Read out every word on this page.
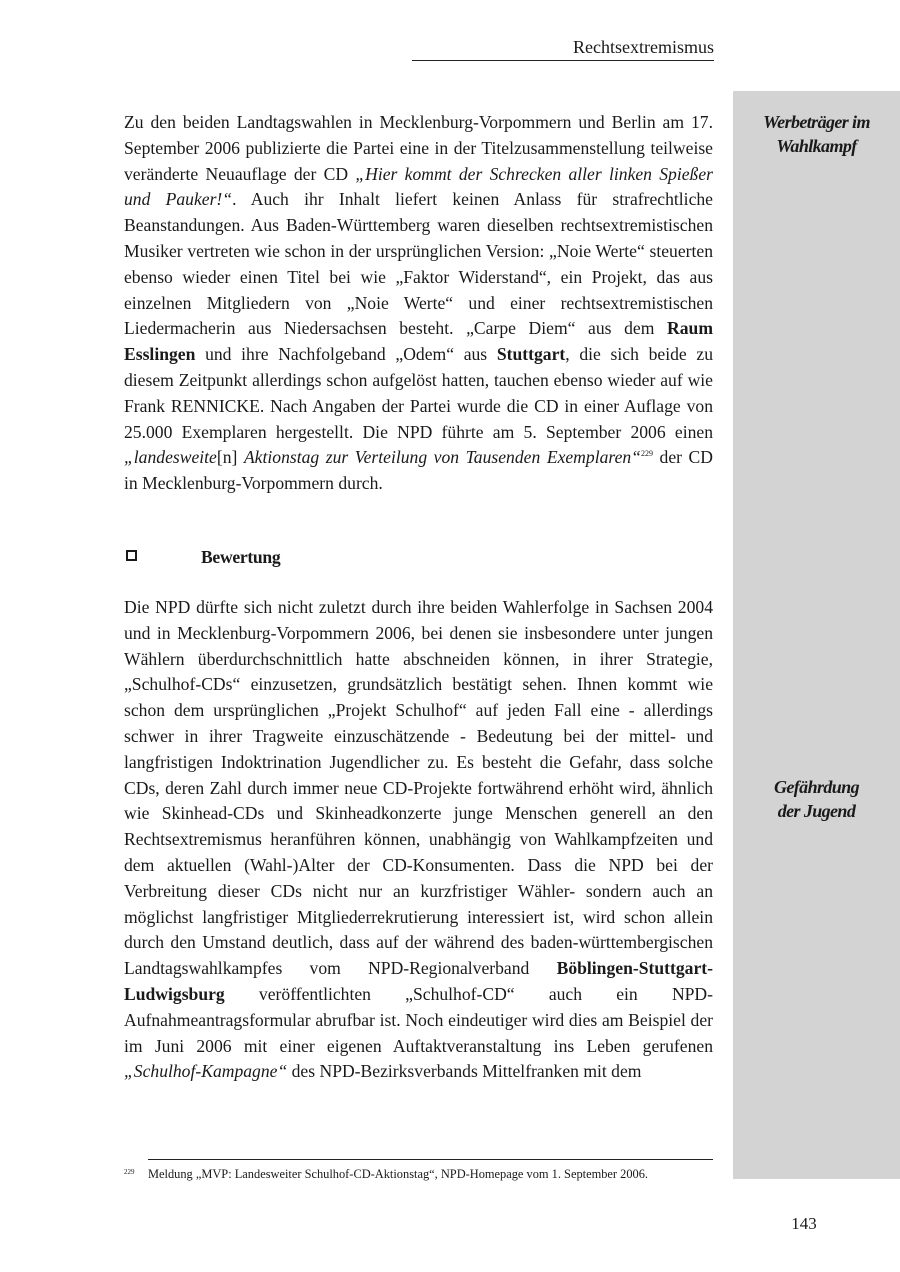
Rechtsextremismus
Werbeträger im
Wahlkampf
Gefährdung
der Jugend
Zu den beiden Landtagswahlen in Mecklenburg-Vorpommern und Berlin am 17. September 2006 publizierte die Partei eine in der Titelzusammenstellung teilweise veränderte Neuauflage der CD „Hier kommt der Schrecken aller linken Spießer und Pauker!“. Auch ihr Inhalt liefert keinen Anlass für strafrechtliche Beanstandungen. Aus Baden-Württemberg waren dieselben rechtsextremistischen Musiker vertreten wie schon in der ursprünglichen Version: „Noie Werte“ steuerten ebenso wieder einen Titel bei wie „Faktor Widerstand“, ein Projekt, das aus einzelnen Mitgliedern von „Noie Werte“ und einer rechtsextremistischen Liedermacherin aus Niedersachsen besteht. „Carpe Diem“ aus dem Raum Esslingen und ihre Nachfolgeband „Odem“ aus Stuttgart, die sich beide zu diesem Zeitpunkt allerdings schon aufgelöst hatten, tauchen ebenso wieder auf wie Frank RENNICKE. Nach Angaben der Partei wurde die CD in einer Auflage von 25.000 Exemplaren hergestellt. Die NPD führte am 5. September 2006 einen „landesweite[n] Aktionstag zur Verteilung von Tausenden Exemplaren“$^{229}$ der CD in Mecklenburg-Vorpommern durch.
Bewertung
Die NPD dürfte sich nicht zuletzt durch ihre beiden Wahlerfolge in Sachsen 2004 und in Mecklenburg-Vorpommern 2006, bei denen sie insbesondere unter jungen Wählern überdurchschnittlich hatte abschneiden können, in ihrer Strategie, „Schulhof-CDs“ einzusetzen, grundsätzlich bestätigt sehen. Ihnen kommt wie schon dem ursprünglichen „Projekt Schulhof“ auf jeden Fall eine - allerdings schwer in ihrer Tragweite einzuschätzende - Bedeutung bei der mittel- und langfristigen Indoktrination Jugendlicher zu. Es besteht die Gefahr, dass solche CDs, deren Zahl durch immer neue CD-Projekte fortwährend erhöht wird, ähnlich wie Skinhead-CDs und Skinheadkonzerte junge Menschen generell an den Rechtsextremismus heranführen können, unabhängig von Wahlkampfzeiten und dem aktuellen (Wahl-)Alter der CD-Konsumenten. Dass die NPD bei der Verbreitung dieser CDs nicht nur an kurzfristiger Wähler- sondern auch an möglichst langfristiger Mitgliederrekrutierung interessiert ist, wird schon allein durch den Umstand deutlich, dass auf der während des baden-württembergischen Landtagswahlkampfes vom NPD-Regionalverband Böblingen-Stuttgart-Ludwigsburg veröffentlichten „Schulhof-CD“ auch ein NPD-Aufnahmeantragsformular abrufbar ist. Noch eindeutiger wird dies am Beispiel der im Juni 2006 mit einer eigenen Auftaktveranstaltung ins Leben gerufenen „Schulhof-Kampagne“ des NPD-Bezirksverbands Mittelfranken mit dem
229 Meldung „MVP: Landesweiter Schulhof-CD-Aktionstag“, NPD-Homepage vom 1. September 2006.
143
